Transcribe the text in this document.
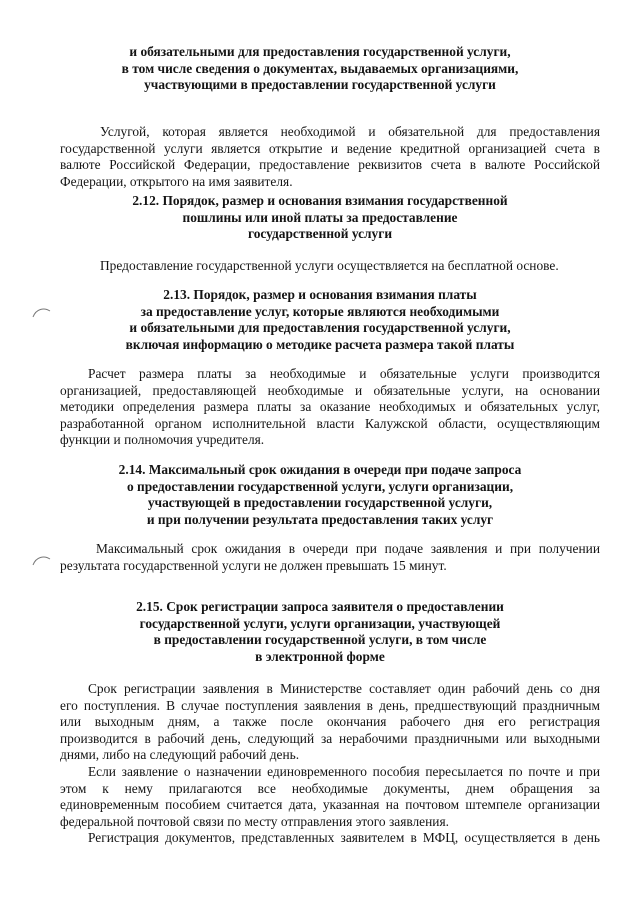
и обязательными для предоставления государственной услуги,
в том числе сведения о документах, выдаваемых организациями,
участвующими в предоставлении государственной услуги
Услугой, которая является необходимой и обязательной для предоставления
государственной услуги является открытие и ведение кредитной организацией счета в
валюте Российской Федерации, предоставление реквизитов счета в валюте Российской
Федерации, открытого на имя заявителя.
2.12. Порядок, размер и основания взимания государственной
пошлины или иной платы за предоставление
государственной услуги
Предоставление государственной услуги осуществляется на бесплатной основе.
2.13. Порядок, размер и основания взимания платы
за предоставление услуг, которые являются необходимыми
и обязательными для предоставления государственной услуги,
включая информацию о методике расчета размера такой платы
Расчет размера платы за необходимые и обязательные услуги производится
организацией, предоставляющей необходимые и обязательные услуги, на основании
методики определения размера платы за оказание необходимых и обязательных услуг,
разработанной органом исполнительной власти Калужской области, осуществляющим
функции и полномочия учредителя.
2.14. Максимальный срок ожидания в очереди при подаче запроса
о предоставлении государственной услуги, услуги организации,
участвующей в предоставлении государственной услуги,
и при получении результата предоставления таких услуг
Максимальный срок ожидания в очереди при подаче заявления и при получении
результата государственной услуги не должен превышать 15 минут.
2.15. Срок регистрации запроса заявителя о предоставлении
государственной услуги, услуги организации, участвующей
в предоставлении государственной услуги, в том числе
в электронной форме
Срок регистрации заявления в Министерстве составляет один рабочий день со дня
его поступления. В случае поступления заявления в день, предшествующий праздничным
или выходным дням, а также после окончания рабочего дня его регистрация
производится в рабочий день, следующий за нерабочими праздничными или выходными
днями, либо на следующий рабочий день.
Если заявление о назначении единовременного пособия пересылается по почте и при
этом к нему прилагаются все необходимые документы, днем обращения за
единовременным пособием считается дата, указанная на почтовом штемпеле организации
федеральной почтовой связи по месту отправления этого заявления.
Регистрация документов, представленных заявителем в МФЦ, осуществляется в день
